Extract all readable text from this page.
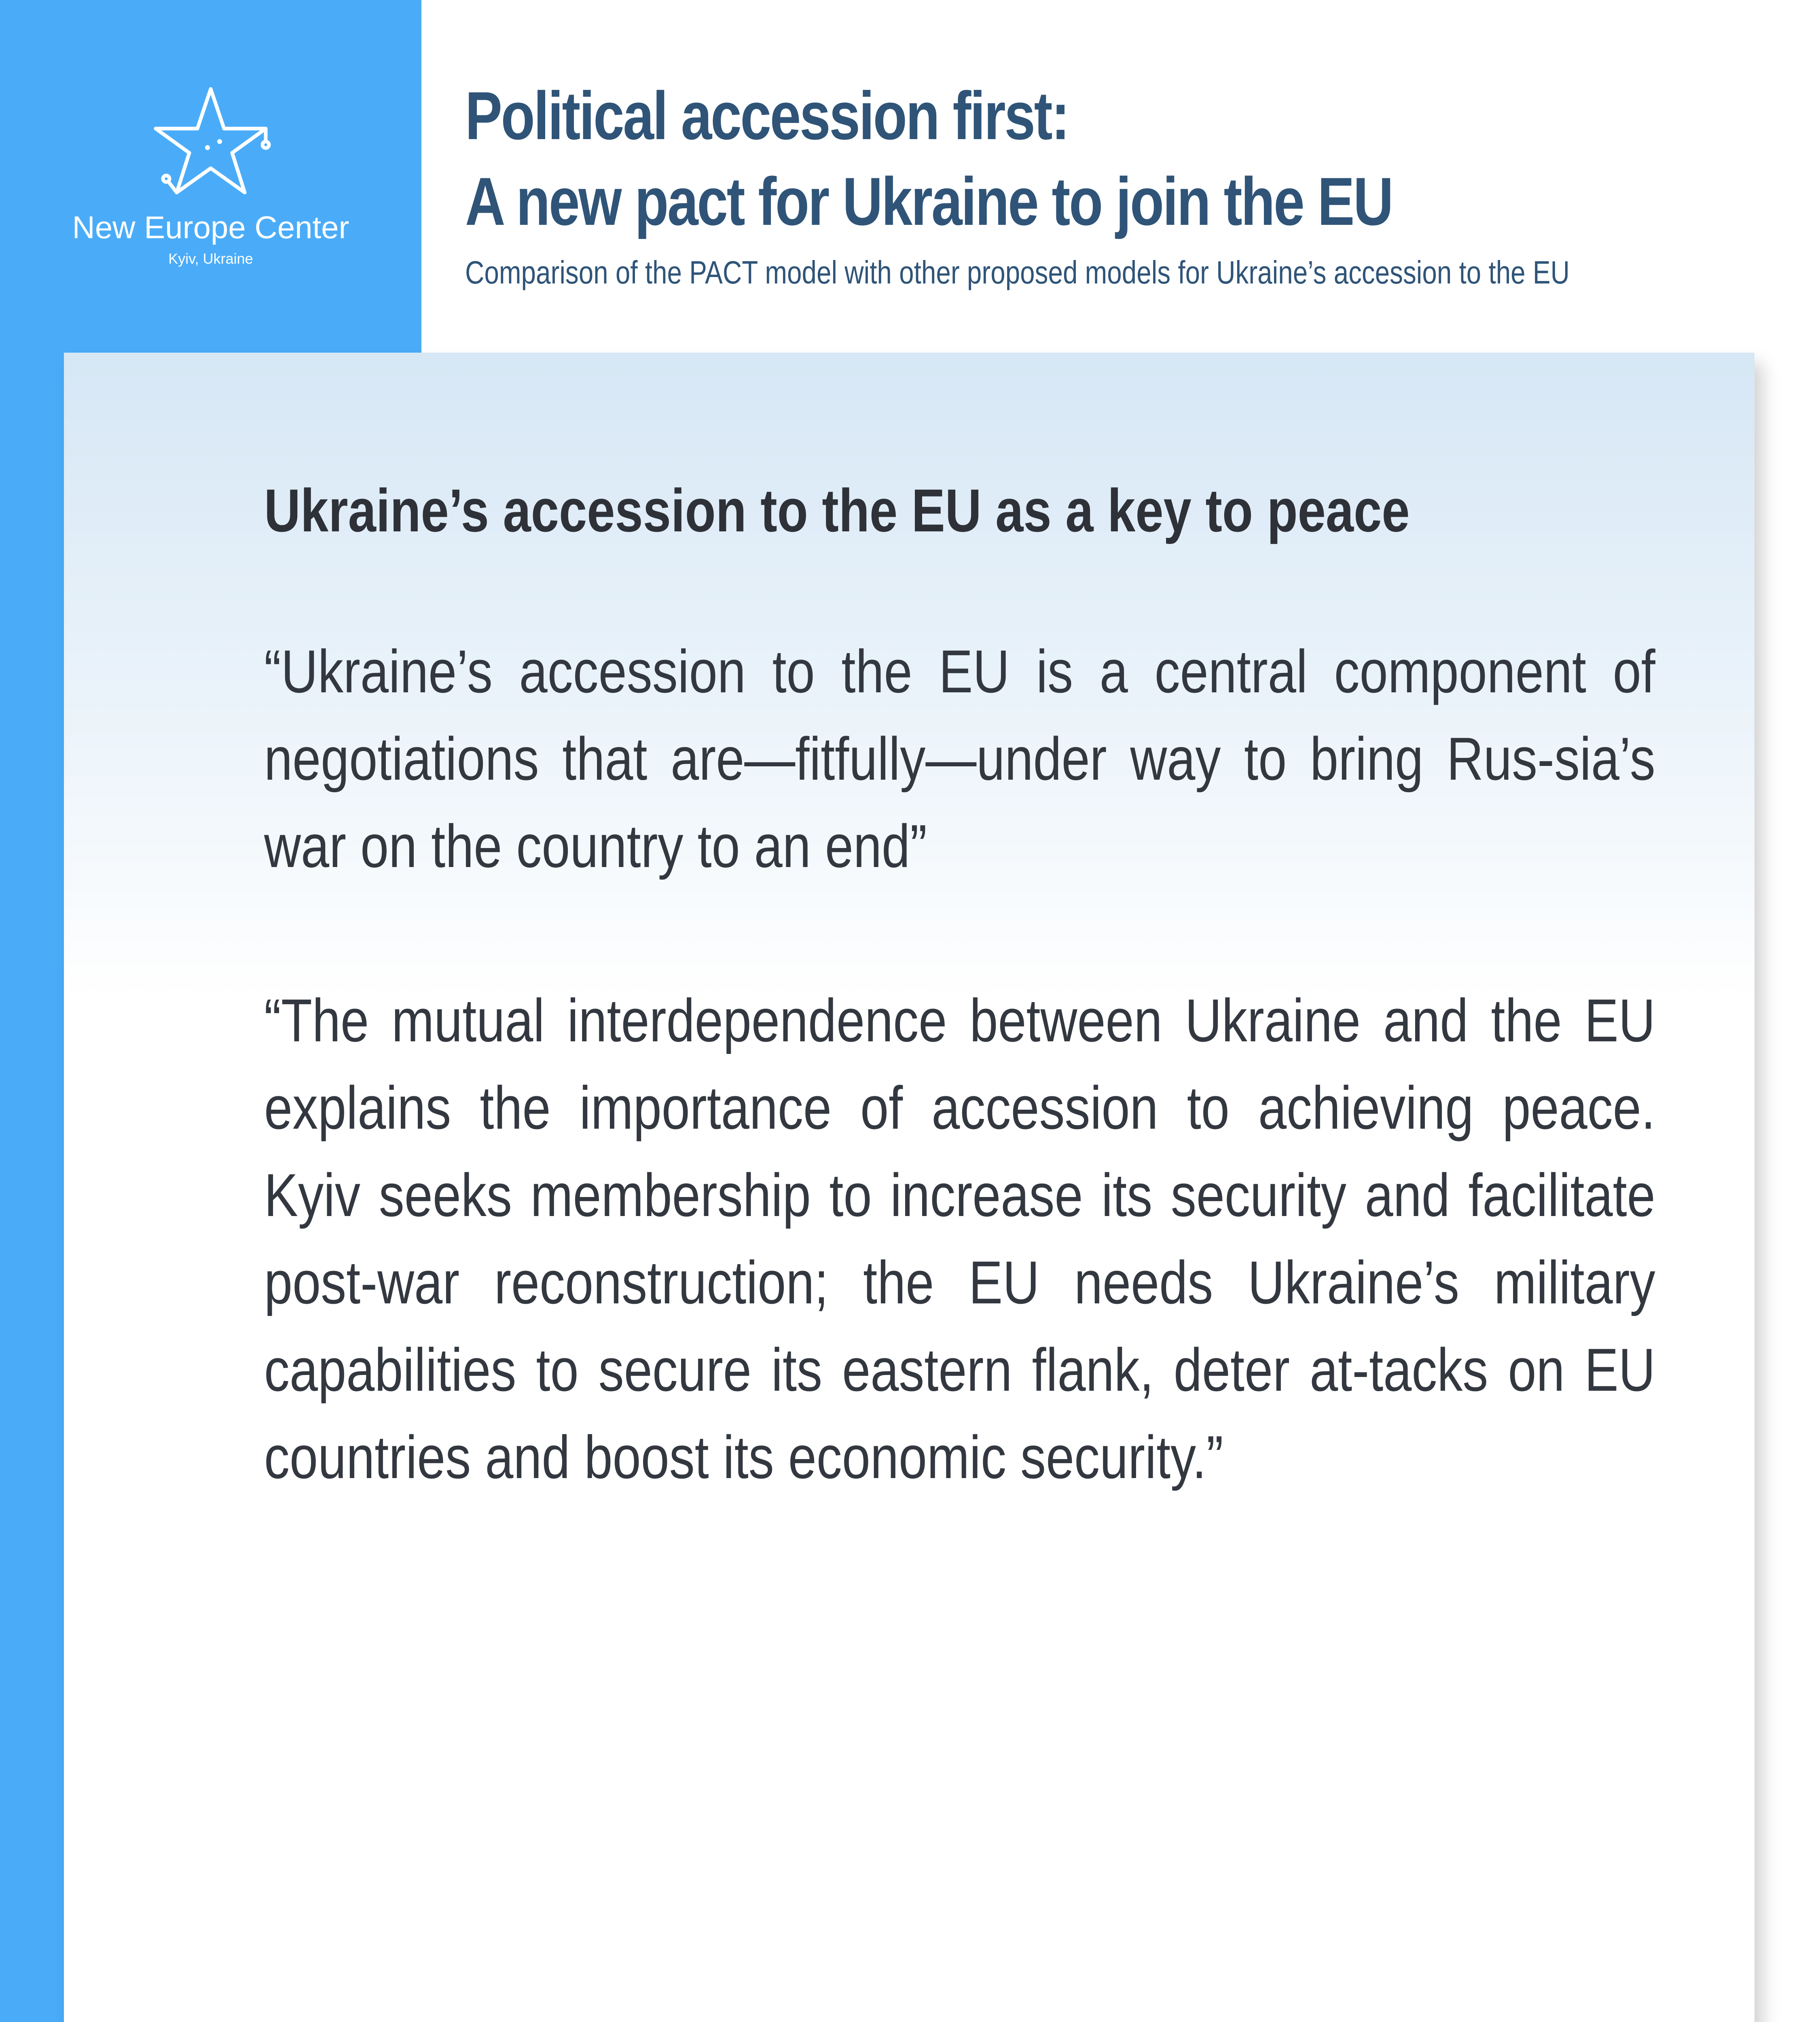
New Europe Center
Kyiv, Ukraine
Political accession first:
A new pact for Ukraine to join the EU
Comparison of the PACT model with other proposed models for Ukraine’s accession to the EU
Ukraine’s accession to the EU as a key to peace

“Ukraine’s accession to the EU is a central component of negotiations that are—fitfully—under way to bring Rus-sia’s war on the country to an end”

“The mutual interdependence between Ukraine and the EU explains the importance of accession to achieving peace. Kyiv seeks membership to increase its security and facilitate post-war reconstruction; the EU needs Ukraine’s military capabilities to secure its eastern flank, deter at-tacks on EU countries and boost its economic security.”
